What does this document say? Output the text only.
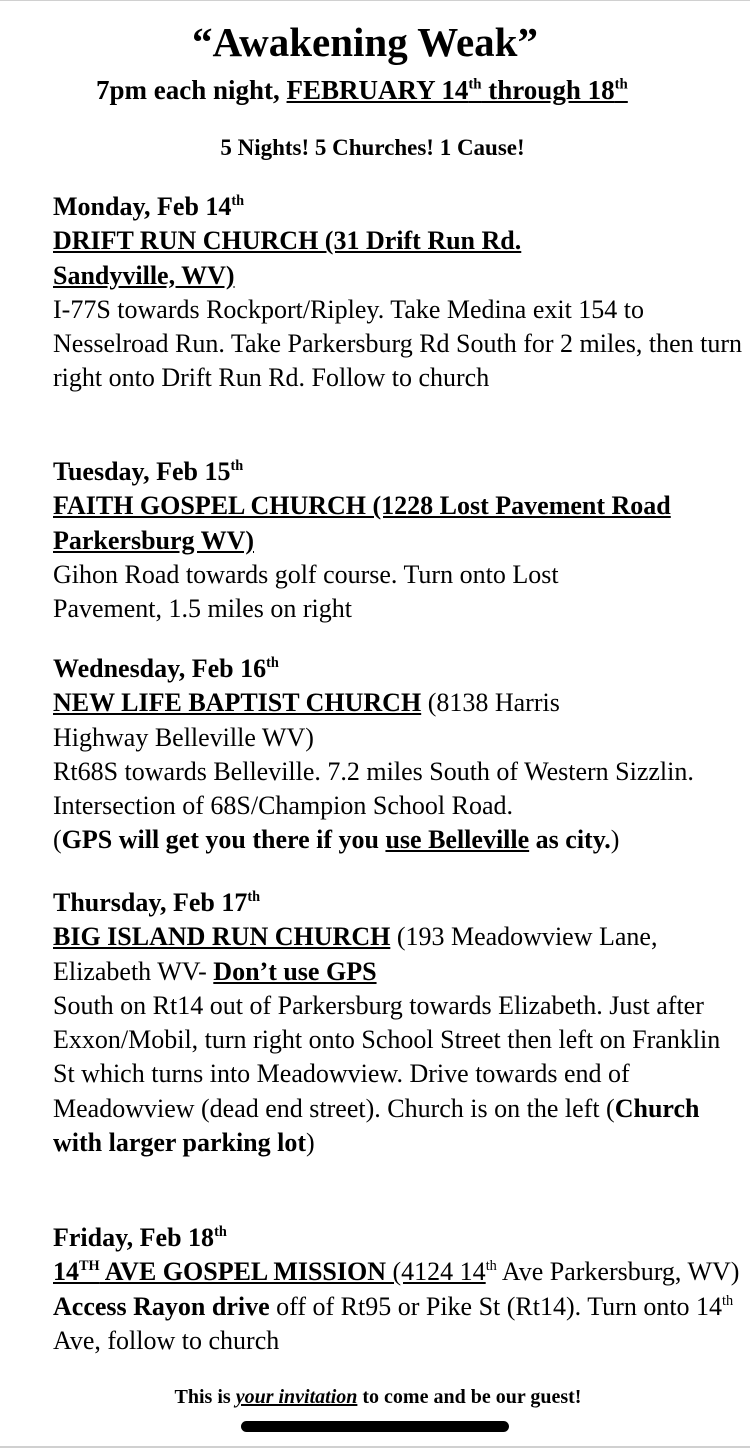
“Awakening Weak”
7pm each night, FEBRUARY 14th through 18th
5 Nights! 5 Churches! 1 Cause!
Monday, Feb 14th
DRIFT RUN CHURCH (31 Drift Run Rd. Sandyville, WV)
I-77S towards Rockport/Ripley. Take Medina exit 154 to Nesselroad Run. Take Parkersburg Rd South for 2 miles, then turn right onto Drift Run Rd. Follow to church
Tuesday, Feb 15th
FAITH GOSPEL CHURCH (1228 Lost Pavement Road Parkersburg WV)
Gihon Road towards golf course. Turn onto Lost Pavement, 1.5 miles on right
Wednesday, Feb 16th
NEW LIFE BAPTIST CHURCH (8138 Harris Highway Belleville WV)
Rt68S towards Belleville. 7.2 miles South of Western Sizzlin. Intersection of 68S/Champion School Road.
(GPS will get you there if you use Belleville as city.)
Thursday, Feb 17th
BIG ISLAND RUN CHURCH (193 Meadowview Lane, Elizabeth WV- Don’t use GPS
South on Rt14 out of Parkersburg towards Elizabeth. Just after Exxon/Mobil, turn right onto School Street then left on Franklin St which turns into Meadowview. Drive towards end of Meadowview (dead end street). Church is on the left (Church with larger parking lot)
Friday, Feb 18th
14TH AVE GOSPEL MISSION (4124 14th Ave Parkersburg, WV) Access Rayon drive off of Rt95 or Pike St (Rt14). Turn onto 14th Ave, follow to church
This is your invitation to come and be our guest!
